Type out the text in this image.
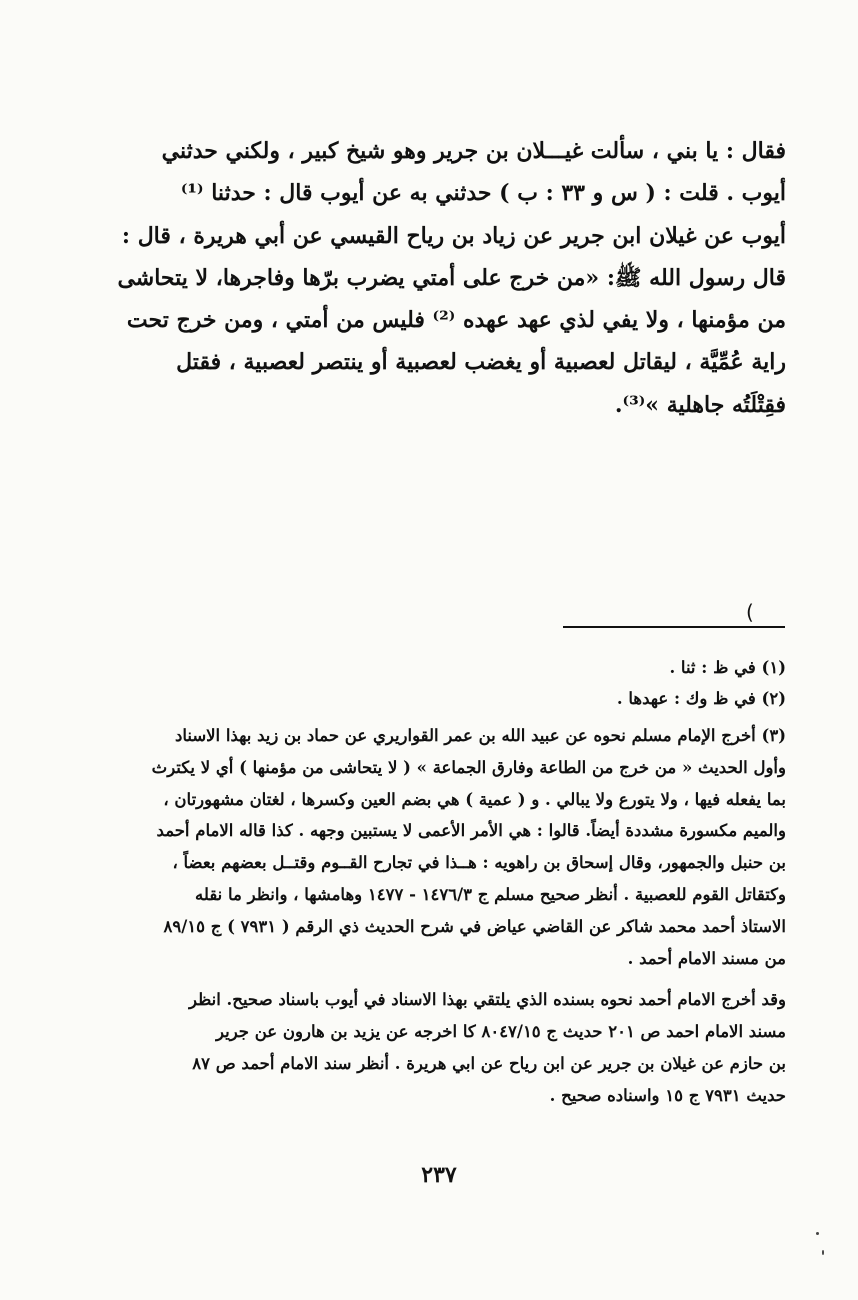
فقال : يا بني ، سألت غيـــلان بن جرير وهو شيخ كبير ، ولكني حدثني
أيوب . قلت : ( س و ٣٣ : ب ) حدثني به عن أيوب قال : حدثنا ⁽¹⁾
أيوب عن غيلان ابن جرير عن زياد بن رياح القيسي عن أبي هريرة ، قال :
قال رسول الله ﷺ: «من خرج على أمتي يضرب برّها وفاجرها، لا يتحاشى
من مؤمنها ، ولا يفي لذي عهد عهده ⁽²⁾ فليس من أمتي ، ومن خرج تحت
راية عُمِّيَّة ، ليقاتل لعصبية أو يغضب لعصبية أو ينتصر لعصبية ، فقتل
فقِتْلَتُه جاهلية »⁽³⁾.
(
(١) في ظ : ثنا .
(٢) في ظ وك : عهدها .
(٣) أخرج الإمام مسلم نحوه عن عبيد الله بن عمر القواريري عن حماد بن زيد بهذا الاسناد
وأول الحديث « من خرج من الطاعة وفارق الجماعة » ( لا يتحاشى من مؤمنها ) أي لا يكترث
بما يفعله فيها ، ولا يتورع ولا يبالي . و ( عمية ) هي بضم العين وكسرها ، لغتان مشهورتان ،
والميم مكسورة مشددة أيضاً. قالوا : هي الأمر الأعمى لا يستبين وجهه . كذا قاله الامام أحمد
بن حنبل والجمهور، وقال إسحاق بن راهويه : هــذا في تجارح القــوم وقتــل بعضهم بعضاً ،
وكتقاتل القوم للعصبية . أنظر صحيح مسلم ج ١٤٧٦/٣ - ١٤٧٧ وهامشها ، وانظر ما نقله
الاستاذ أحمد محمد شاكر عن القاضي عياض في شرح الحديث ذي الرقم ( ٧٩٣١ ) ج ٨٩/١٥
من مسند الامام أحمد .
وقد أخرج الامام أحمد نحوه بسنده الذي يلتقي بهذا الاسناد في أيوب باسناد صحيح. انظر
مسند الامام احمد ص ٢٠١ حديث ج ٨٠٤٧/١٥ كا اخرجه عن يزيد بن هارون عن جرير
بن حازم عن غيلان بن جرير عن ابن رياح عن ابي هريرة . أنظر سند الامام أحمد ص ٨٧
حديث ٧٩٣١ ج ١٥ واسناده صحيح .
٢٣٧
